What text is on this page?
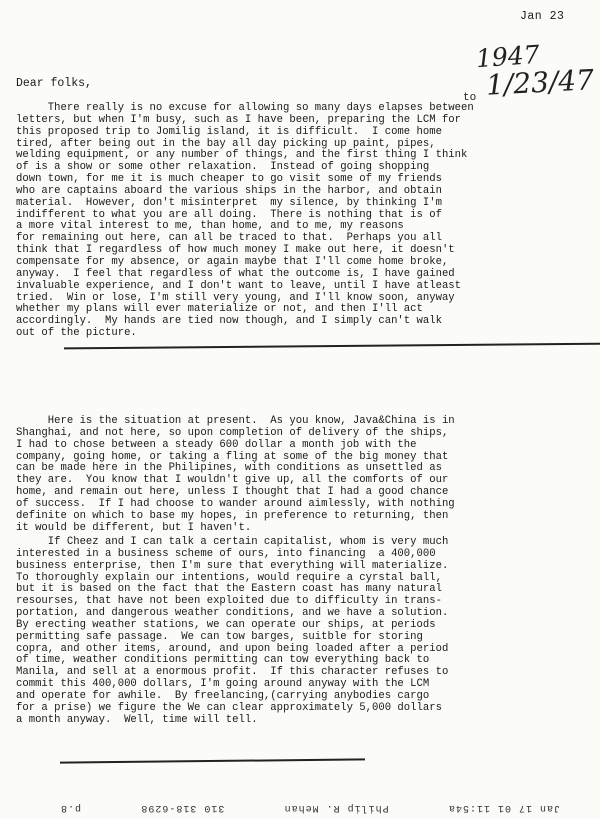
Jan 23
1947
1/23/47
to
Dear folks,
There really is no excuse for allowing so many days elapses between
letters, but when I'm busy, such as I have been, preparing the LCM for
this proposed trip to Jomilig island, it is difficult.  I come home
tired, after being out in the bay all day picking up paint, pipes,
welding equipment, or any number of things, and the first thing I think
of is a show or some other relaxation.  Instead of going shopping
down town, for me it is much cheaper to go visit some of my friends
who are captains aboard the various ships in the harbor, and obtain
material.  However, don't misinterpret  my silence, by thinking I'm
indifferent to what you are all doing.  There is nothing that is of
a more vital interest to me, than home, and to me, my reasons
for remaining out here, can all be traced to that.  Perhaps you all
think that I regardless of how much money I make out here, it doesn't
compensate for my absence, or again maybe that I'll come home broke,
anyway.  I feel that regardless of what the outcome is, I have gained
invaluable experience, and I don't want to leave, until I have atleast
tried.  Win or lose, I'm still very young, and I'll know soon, anyway
whether my plans will ever materialize or not, and then I'll act
accordingly.  My hands are tied now though, and I simply can't walk
out of the picture.
Here is the situation at present.  As you know, Java&China is in
Shanghai, and not here, so upon completion of delivery of the ships,
I had to chose between a steady 600 dollar a month job with the
company, going home, or taking a fling at some of the big money that
can be made here in the Philipines, with conditions as unsettled as
they are.  You know that I wouldn't give up, all the comforts of our
home, and remain out here, unless I thought that I had a good chance
of success.  If I had choose to wander around aimlessly, with nothing
definite on which to base my hopes, in preference to returning, then
it would be different, but I haven't.
If Cheez and I can talk a certain capitalist, whom is very much
interested in a business scheme of ours, into financing  a 400,000
business enterprise, then I'm sure that everything will materialize.
To thoroughly explain our intentions, would require a cyrstal ball,
but it is based on the fact that the Eastern coast has many natural
resourses, that have not been exploited due to difficulty in trans-
portation, and dangerous weather conditions, and we have a solution.
By erecting weather stations, we can operate our ships, at periods
permitting safe passage.  We can tow barges, suitble for storing
copra, and other items, around, and upon being loaded after a period
of time, weather conditions permitting can tow everything back to
Manila, and sell at a enormous profit.  If this character refuses to
commit this 400,000 dollars, I'm going around anyway with the LCM
and operate for awhile.  By freelancing,(carrying anybodies cargo
for a prise) we figure the We can clear approximately 5,000 dollars
a month anyway.  Well, time will tell.
Jan 17 01 11:54a
Philip R. Mehan
310 318-6298
p.8
